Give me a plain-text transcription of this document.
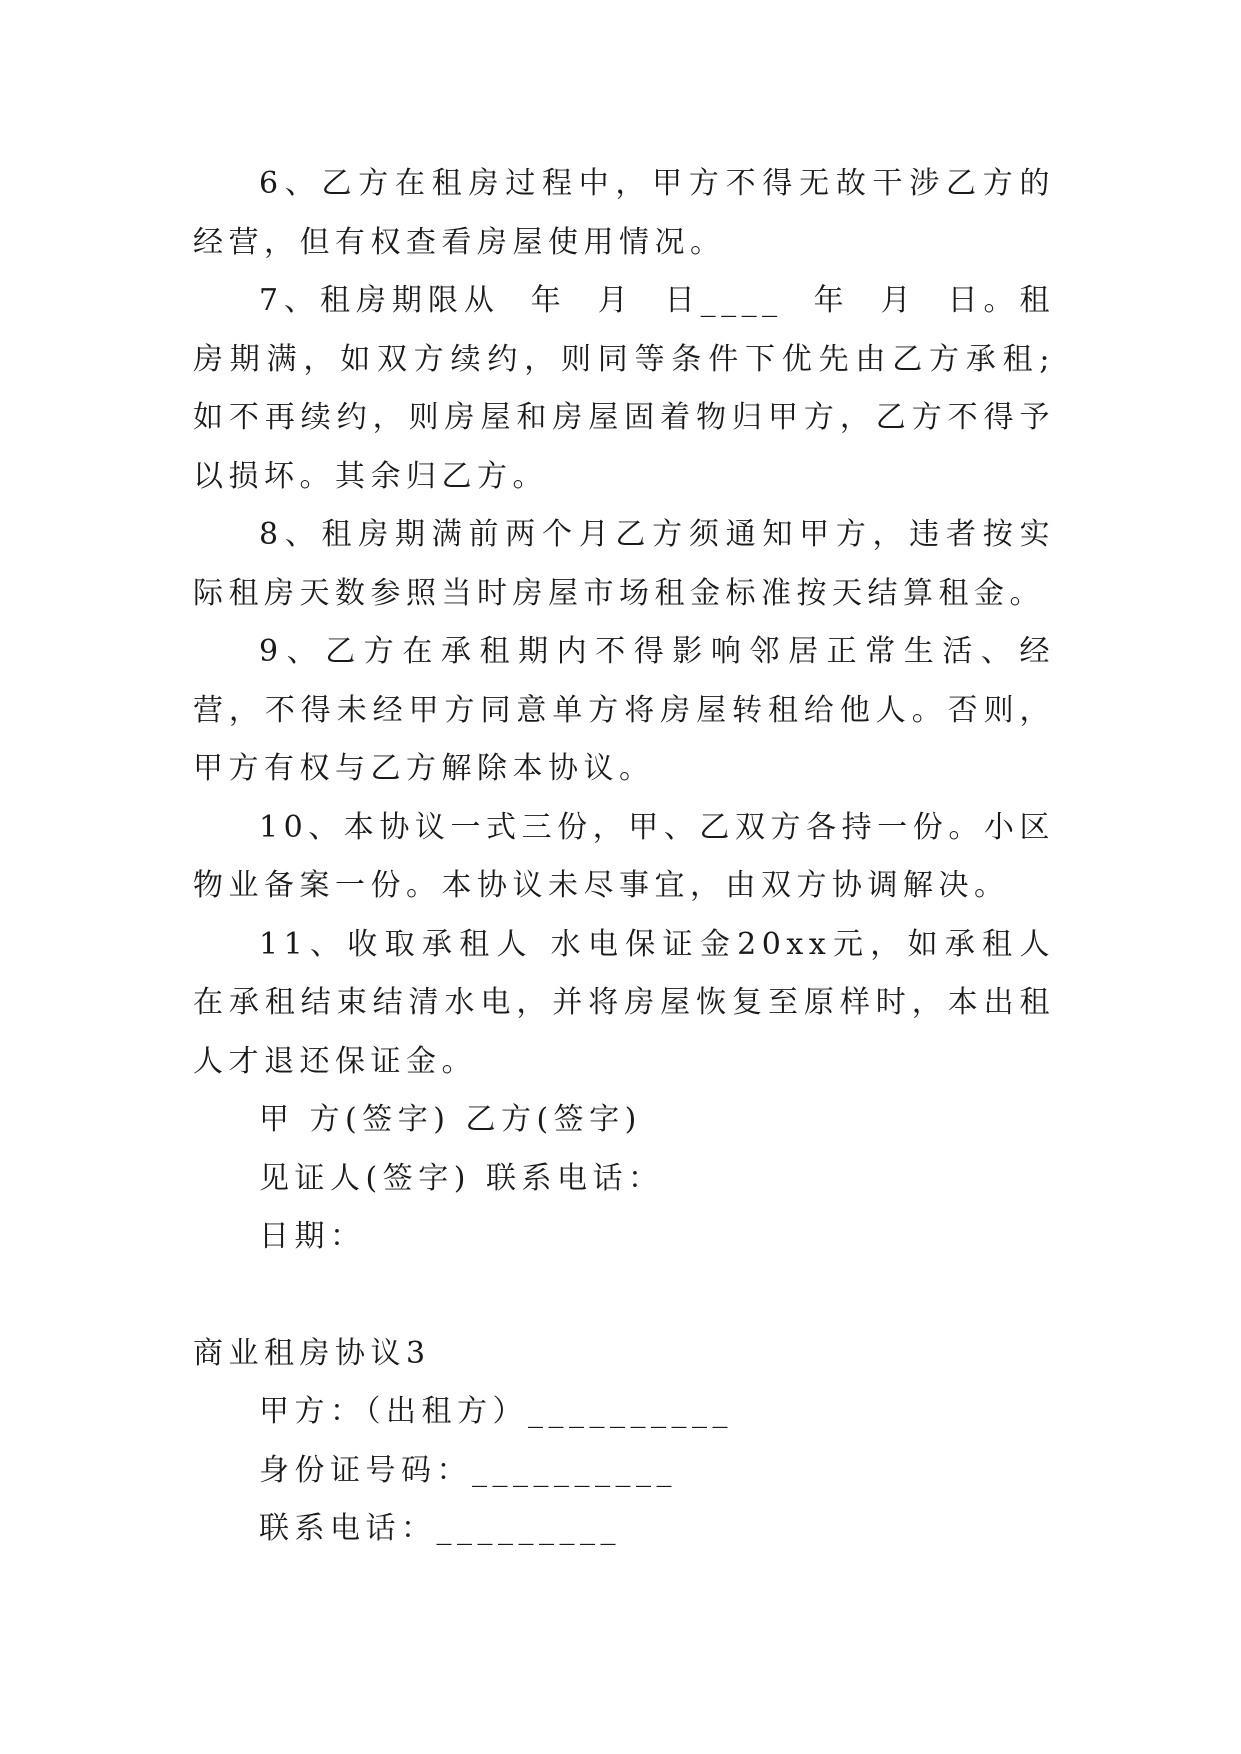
6、乙方在租房过程中，甲方不得无故干涉乙方的经营，但有权查看房屋使用情况。

7、租房期限从  年  月  日____  年  月  日。租房期满，如双方续约，则同等条件下优先由乙方承租;如不再续约，则房屋和房屋固着物归甲方，乙方不得予以损坏。其余归乙方。

8、租房期满前两个月乙方须通知甲方，违者按实际租房天数参照当时房屋市场租金标准按天结算租金。

9、乙方在承租期内不得影响邻居正常生活、经营，不得未经甲方同意单方将房屋转租给他人。否则，甲方有权与乙方解除本协议。

10、本协议一式三份，甲、乙双方各持一份。小区物业备案一份。本协议未尽事宜，由双方协调解决。

11、收取承租人 水电保证金20xx元，如承租人在承租结束结清水电，并将房屋恢复至原样时，本出租人才退还保证金。

甲 方(签字) 乙方(签字)

见证人(签字) 联系电话：

日期：

商业租房协议3

甲方：（出租方）__________

身份证号码：__________

联系电话：_________
